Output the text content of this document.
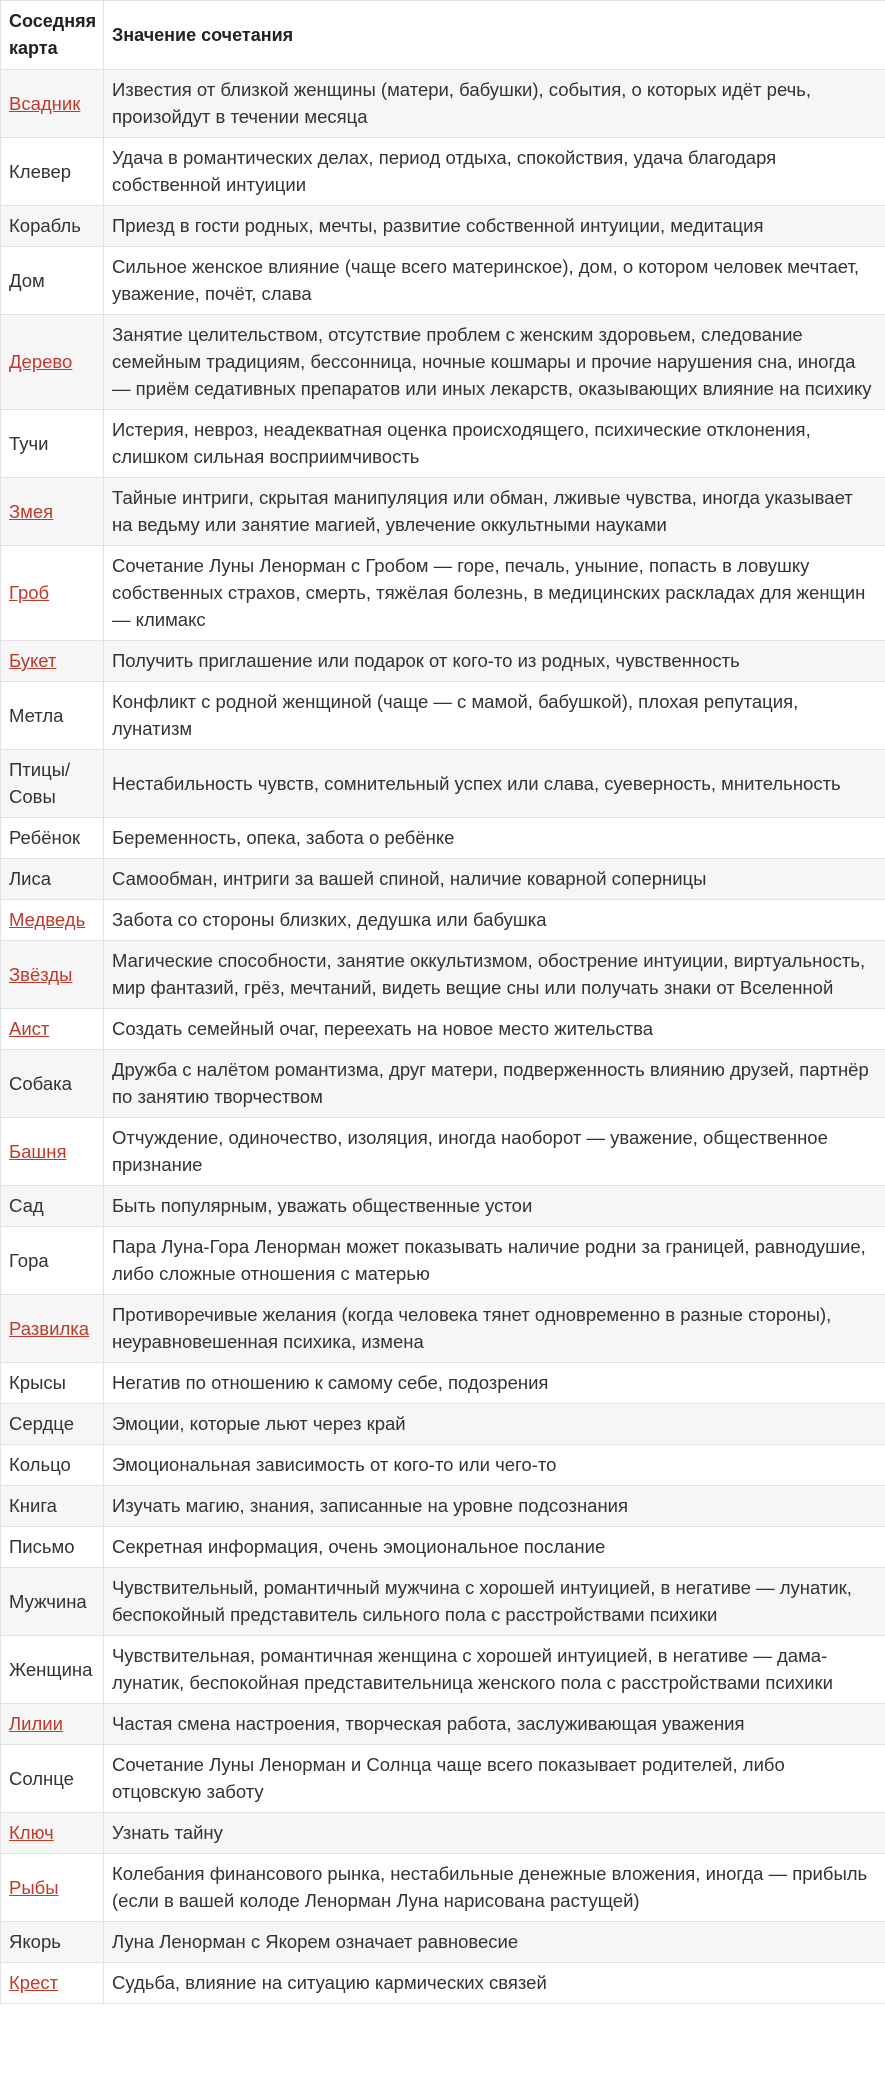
Соседняя карта	Значение сочетания
Всадник	Известия от близкой женщины (матери, бабушки), события, о которых идёт речь, произойдут в течении месяца
Клевер	Удача в романтических делах, период отдыха, спокойствия, удача благодаря собственной интуиции
Корабль	Приезд в гости родных, мечты, развитие собственной интуиции, медитация
Дом	Сильное женское влияние (чаще всего материнское), дом, о котором человек мечтает, уважение, почёт, слава
Дерево	Занятие целительством, отсутствие проблем с женским здоровьем, следование семейным традициям, бессонница, ночные кошмары и прочие нарушения сна, иногда — приём седативных препаратов или иных лекарств, оказывающих влияние на психику
Тучи	Истерия, невроз, неадекватная оценка происходящего, психические отклонения, слишком сильная восприимчивость
Змея	Тайные интриги, скрытая манипуляция или обман, лживые чувства, иногда указывает на ведьму или занятие магией, увлечение оккультными науками
Гроб	Сочетание Луны Ленорман с Гробом — горе, печаль, уныние, попасть в ловушку собственных страхов, смерть, тяжёлая болезнь, в медицинских раскладах для женщин — климакс
Букет	Получить приглашение или подарок от кого-то из родных, чувственность
Метла	Конфликт с родной женщиной (чаще — с мамой, бабушкой), плохая репутация, лунатизм
Птицы/ Совы	Нестабильность чувств, сомнительный успех или слава, суеверность, мнительность
Ребёнок	Беременность, опека, забота о ребёнке
Лиса	Самообман, интриги за вашей спиной, наличие коварной соперницы
Медведь	Забота со стороны близких, дедушка или бабушка
Звёзды	Магические способности, занятие оккультизмом, обострение интуиции, виртуальность, мир фантазий, грёз, мечтаний, видеть вещие сны или получать знаки от Вселенной
Аист	Создать семейный очаг, переехать на новое место жительства
Собака	Дружба с налётом романтизма, друг матери, подверженность влиянию друзей, партнёр по занятию творчеством
Башня	Отчуждение, одиночество, изоляция, иногда наоборот — уважение, общественное признание
Сад	Быть популярным, уважать общественные устои
Гора	Пара Луна-Гора Ленорман может показывать наличие родни за границей, равнодушие, либо сложные отношения с матерью
Развилка	Противоречивые желания (когда человека тянет одновременно в разные стороны), неуравновешенная психика, измена
Крысы	Негатив по отношению к самому себе, подозрения
Сердце	Эмоции, которые льют через край
Кольцо	Эмоциональная зависимость от кого-то или чего-то
Книга	Изучать магию, знания, записанные на уровне подсознания
Письмо	Секретная информация, очень эмоциональное послание
Мужчина	Чувствительный, романтичный мужчина с хорошей интуицией, в негативе — лунатик, беспокойный представитель сильного пола с расстройствами психики
Женщина	Чувствительная, романтичная женщина с хорошей интуицией, в негативе — дама-лунатик, беспокойная представительница женского пола с расстройствами психики
Лилии	Частая смена настроения, творческая работа, заслуживающая уважения
Солнце	Сочетание Луны Ленорман и Солнца чаще всего показывает родителей, либо отцовскую заботу
Ключ	Узнать тайну
Рыбы	Колебания финансового рынка, нестабильные денежные вложения, иногда — прибыль (если в вашей колоде Ленорман Луна нарисована растущей)
Якорь	Луна Ленорман с Якорем означает равновесие
Крест	Судьба, влияние на ситуацию кармических связей
